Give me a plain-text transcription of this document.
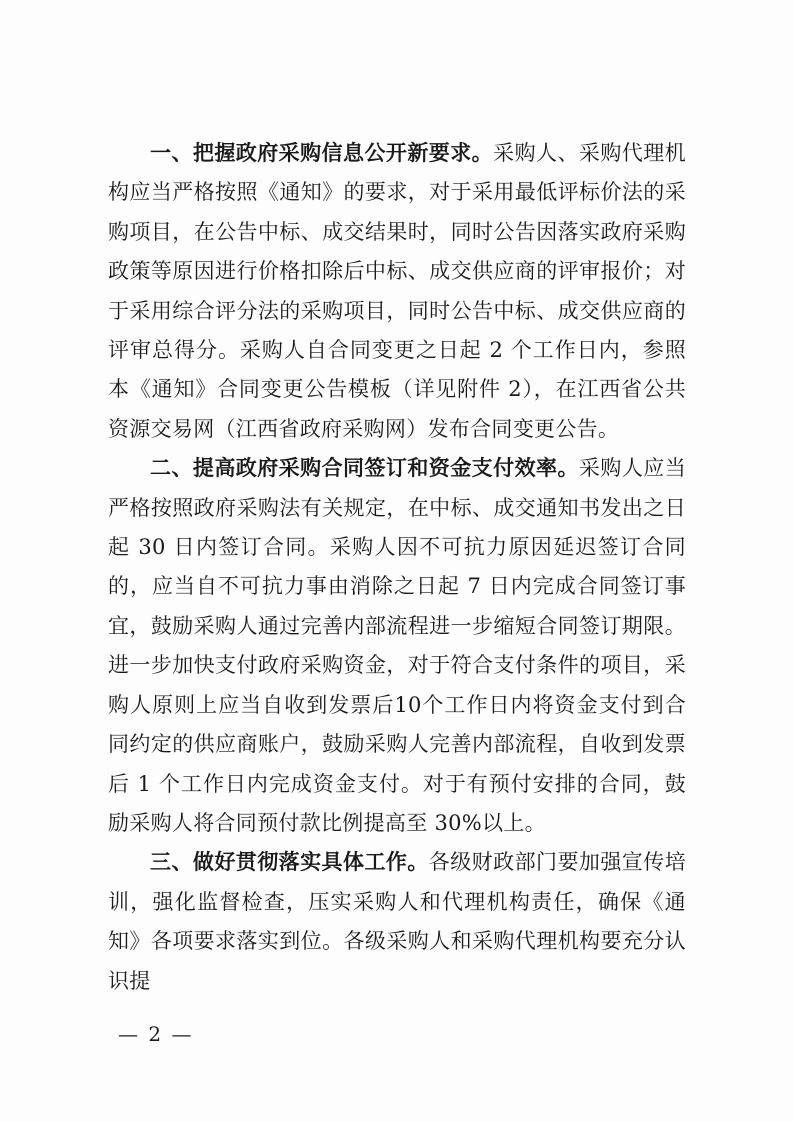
一、把握政府采购信息公开新要求。采购人、采购代理机构应当严格按照《通知》的要求，对于采用最低评标价法的采购项目，在公告中标、成交结果时，同时公告因落实政府采购政策等原因进行价格扣除后中标、成交供应商的评审报价；对于采用综合评分法的采购项目，同时公告中标、成交供应商的评审总得分。采购人自合同变更之日起 2 个工作日内，参照本《通知》合同变更公告模板（详见附件 2），在江西省公共资源交易网（江西省政府采购网）发布合同变更公告。

二、提高政府采购合同签订和资金支付效率。采购人应当严格按照政府采购法有关规定，在中标、成交通知书发出之日起 30 日内签订合同。采购人因不可抗力原因延迟签订合同的，应当自不可抗力事由消除之日起 7 日内完成合同签订事宜，鼓励采购人通过完善内部流程进一步缩短合同签订期限。进一步加快支付政府采购资金，对于符合支付条件的项目，采购人原则上应当自收到发票后10个工作日内将资金支付到合同约定的供应商账户，鼓励采购人完善内部流程，自收到发票后 1 个工作日内完成资金支付。对于有预付安排的合同，鼓励采购人将合同预付款比例提高至 30%以上。

三、做好贯彻落实具体工作。各级财政部门要加强宣传培训，强化监督检查，压实采购人和代理机构责任，确保《通知》各项要求落实到位。各级采购人和采购代理机构要充分认识提

— 2 —
